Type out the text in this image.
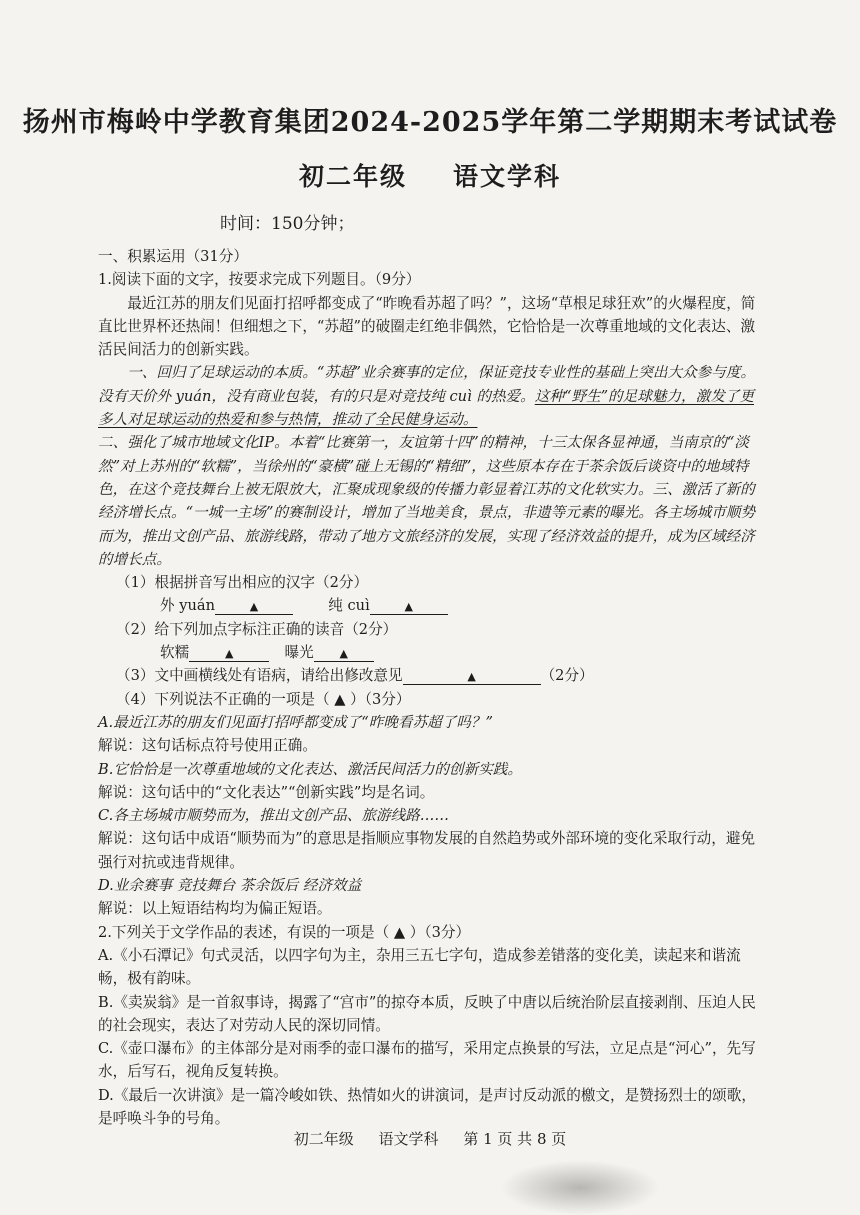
扬州市梅岭中学教育集团2024-2025学年第二学期期末考试试卷
初二年级 语文学科
时间：150分钟；

一、积累运用（31分）

1.阅读下面的文字，按要求完成下列题目。（9分）

最近江苏的朋友们见面打招呼都变成了“昨晚看苏超了吗？”，这场“草根足球狂欢”的火爆程度，简直比世界杯还热闹！但细想之下，“苏超”的破圈走红绝非偶然，它恰恰是一次尊重地域的文化表达、激活民间活力的创新实践。

一、回归了足球运动的本质。“苏超”业余赛事的定位，保证竞技专业性的基础上突出大众参与度。没有天价外 yuán，没有商业包装，有的只是对竞技纯 cuì 的热爱。这种“野生”的足球魅力，激发了更多人对足球运动的热爱和参与热情，推动了全民健身运动。

二、强化了城市地域文化IP。本着“比赛第一，友谊第十四”的精神，十三太保各显神通，当南京的“淡然”对上苏州的“软糯”，当徐州的“豪横”碰上无锡的“精细”，这些原本存在于茶余饭后谈资中的地域特色，在这个竞技舞台上被无限放大，汇聚成现象级的传播力彰显着江苏的文化软实力。三、激活了新的经济增长点。“一城一主场”的赛制设计，增加了当地美食，景点，非遗等元素的曝光。各主场城市顺势而为，推出文创产品、旅游线路，带动了地方文旅经济的发展，实现了经济效益的提升，成为区域经济的增长点。

（1）根据拼音写出相应的汉字（2分）

外 yuán	▲	纯 cuì	▲

（2）给下列加点字标注正确的读音（2分）

软糯	▲	曝光 ▲

（3）文中画横线处有语病，请给出修改意见	▲	（2分）

（4）下列说法不正确的一项是（ ▲ ）（3分）

A.最近江苏的朋友们见面打招呼都变成了“昨晚看苏超了吗？”

解说：这句话标点符号使用正确。

B.它恰恰是一次尊重地域的文化表达、激活民间活力的创新实践。

解说：这句话中的“文化表达”“创新实践”均是名词。

C.各主场城市顺势而为，推出文创产品、旅游线路……

解说：这句话中成语“顺势而为”的意思是指顺应事物发展的自然趋势或外部环境的变化采取行动，避免强行对抗或违背规律。

D.业余赛事 竞技舞台 茶余饭后 经济效益

解说：以上短语结构均为偏正短语。

2.下列关于文学作品的表述，有误的一项是（ ▲ ）（3分）

A.《小石潭记》句式灵活，以四字句为主，杂用三五七字句，造成参差错落的变化美，读起来和谐流畅，极有韵味。

B.《卖炭翁》是一首叙事诗，揭露了“宫市”的掠夺本质，反映了中唐以后统治阶层直接剥削、压迫人民的社会现实，表达了对劳动人民的深切同情。

C.《壶口瀑布》的主体部分是对雨季的壶口瀑布的描写，采用定点换景的写法，立足点是“河心”，先写水，后写石，视角反复转换。

D.《最后一次讲演》是一篇冷峻如铁、热情如火的讲演词，是声讨反动派的檄文，是赞扬烈士的颂歌，是呼唤斗争的号角。

初二年级 语文学科 第 1 页 共 8 页
